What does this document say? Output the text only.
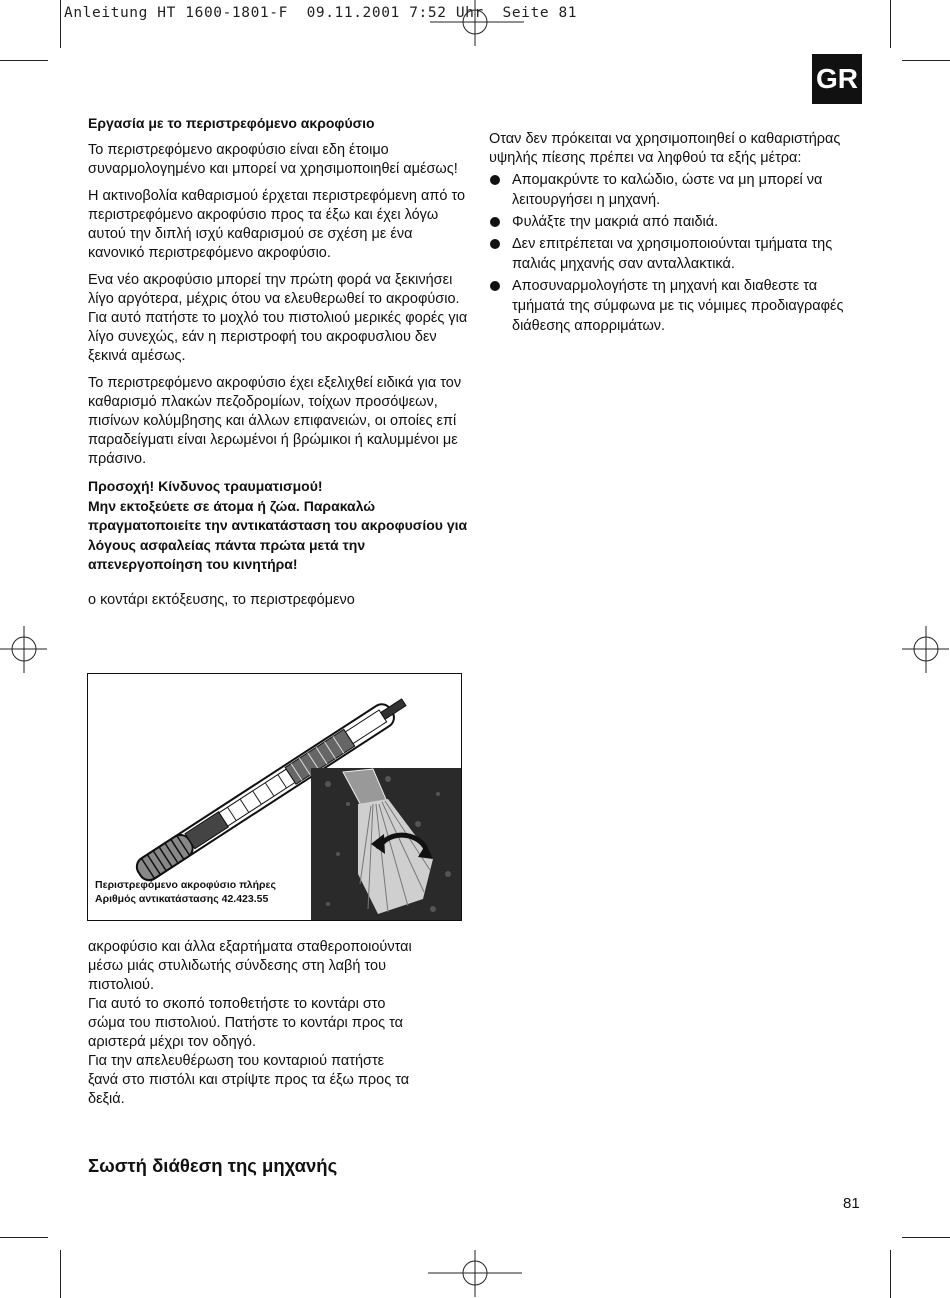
Anleitung HT 1600-1801-F  09.11.2001 7:52 Uhr  Seite 81
GR

Εργασία με το περιστρεφόμενο ακροφύσιο

Το περιστρεφόμενο ακροφύσιο είναι εδη έτοιμο συναρμολογημένο και μπορεί να χρησιμοποιηθεί αμέσως!

Η ακτινοβολία καθαρισμού έρχεται περιστρεφόμενη από το περιστρεφόμενο ακροφύσιο προς τα έξω και έχει λόγω αυτού την διπλή ισχύ καθαρισμού σε σχέση με ένα κανονικό περιστρεφόμενο ακροφύσιο.

Ενα νέο ακροφύσιο μπορεί την πρώτη φορά να ξεκινήσει λίγο αργότερα, μέχρις ότου να ελευθερωθεί το ακροφύσιο. Για αυτό πατήστε το μοχλό του πιστολιού μερικές φορές για λίγο συνεχώς, εάν η περιστροφή του ακροφυσλιου δεν ξεκινά αμέσως.

Το περιστρεφόμενο ακροφύσιο έχει εξελιχθεί ειδικά για τον καθαρισμό πλακών πεζοδρομίων, τοίχων προσόψεων, πισίνων κολύμβησης και άλλων επιφανειών, οι οποίες επί παραδείγματι είναι λερωμένοι ή βρώμικοι ή καλυμμένοι με πράσινο.

Προσοχή! Κίνδυνος τραυματισμού!
Μην εκτοξεύετε σε άτομα ή ζώα. Παρακαλώ πραγματοποιείτε την αντικατάσταση του ακροφυσίου για λόγους ασφαλείας πάντα πρώτα μετά την απενεργοποίηση του κινητήρα!

ο κοντάρι εκτόξευσης, το περιστρεφόμενο

Περιστρεφόμενο ακροφύσιο πλήρες
Αριθμός αντικατάστασης 42.423.55
ακροφύσιο και άλλα εξαρτήματα σταθεροποιούνται
μέσω μιάς στυλιδωτής σύνδεσης στη λαβή του
πιστολιού.
Για αυτό το σκοπό τοποθετήστε το κοντάρι στο
σώμα του πιστολιού. Πατήστε το κοντάρι προς τα
αριστερά μέχρι τον οδηγό.
Για την απελευθέρωση του κονταριού πατήστε
ξανά στο πιστόλι και στρίψτε προς τα έξω προς τα
δεξιά.
Σωστή διάθεση της μηχανής

Οταν δεν πρόκειται να χρησιμοποιηθεί ο καθαριστήρας υψηλής πίεσης πρέπει να ληφθού τα εξής μέτρα:

Απομακρύντε το καλώδιο, ώστε να μη μπορεί να λειτουργήσει η μηχανή.
Φυλάξτε την μακριά από παιδιά.
Δεν επιτρέπεται να χρησιμοποιούνται τμήματα της παλιάς μηχανής σαν ανταλλακτικά.
Αποσυναρμολογήστε τη μηχανή και διαθεστε τα τμήματά της σύμφωνα με τις νόμιμες προδιαγραφές διάθεσης απορριμάτων.
81
